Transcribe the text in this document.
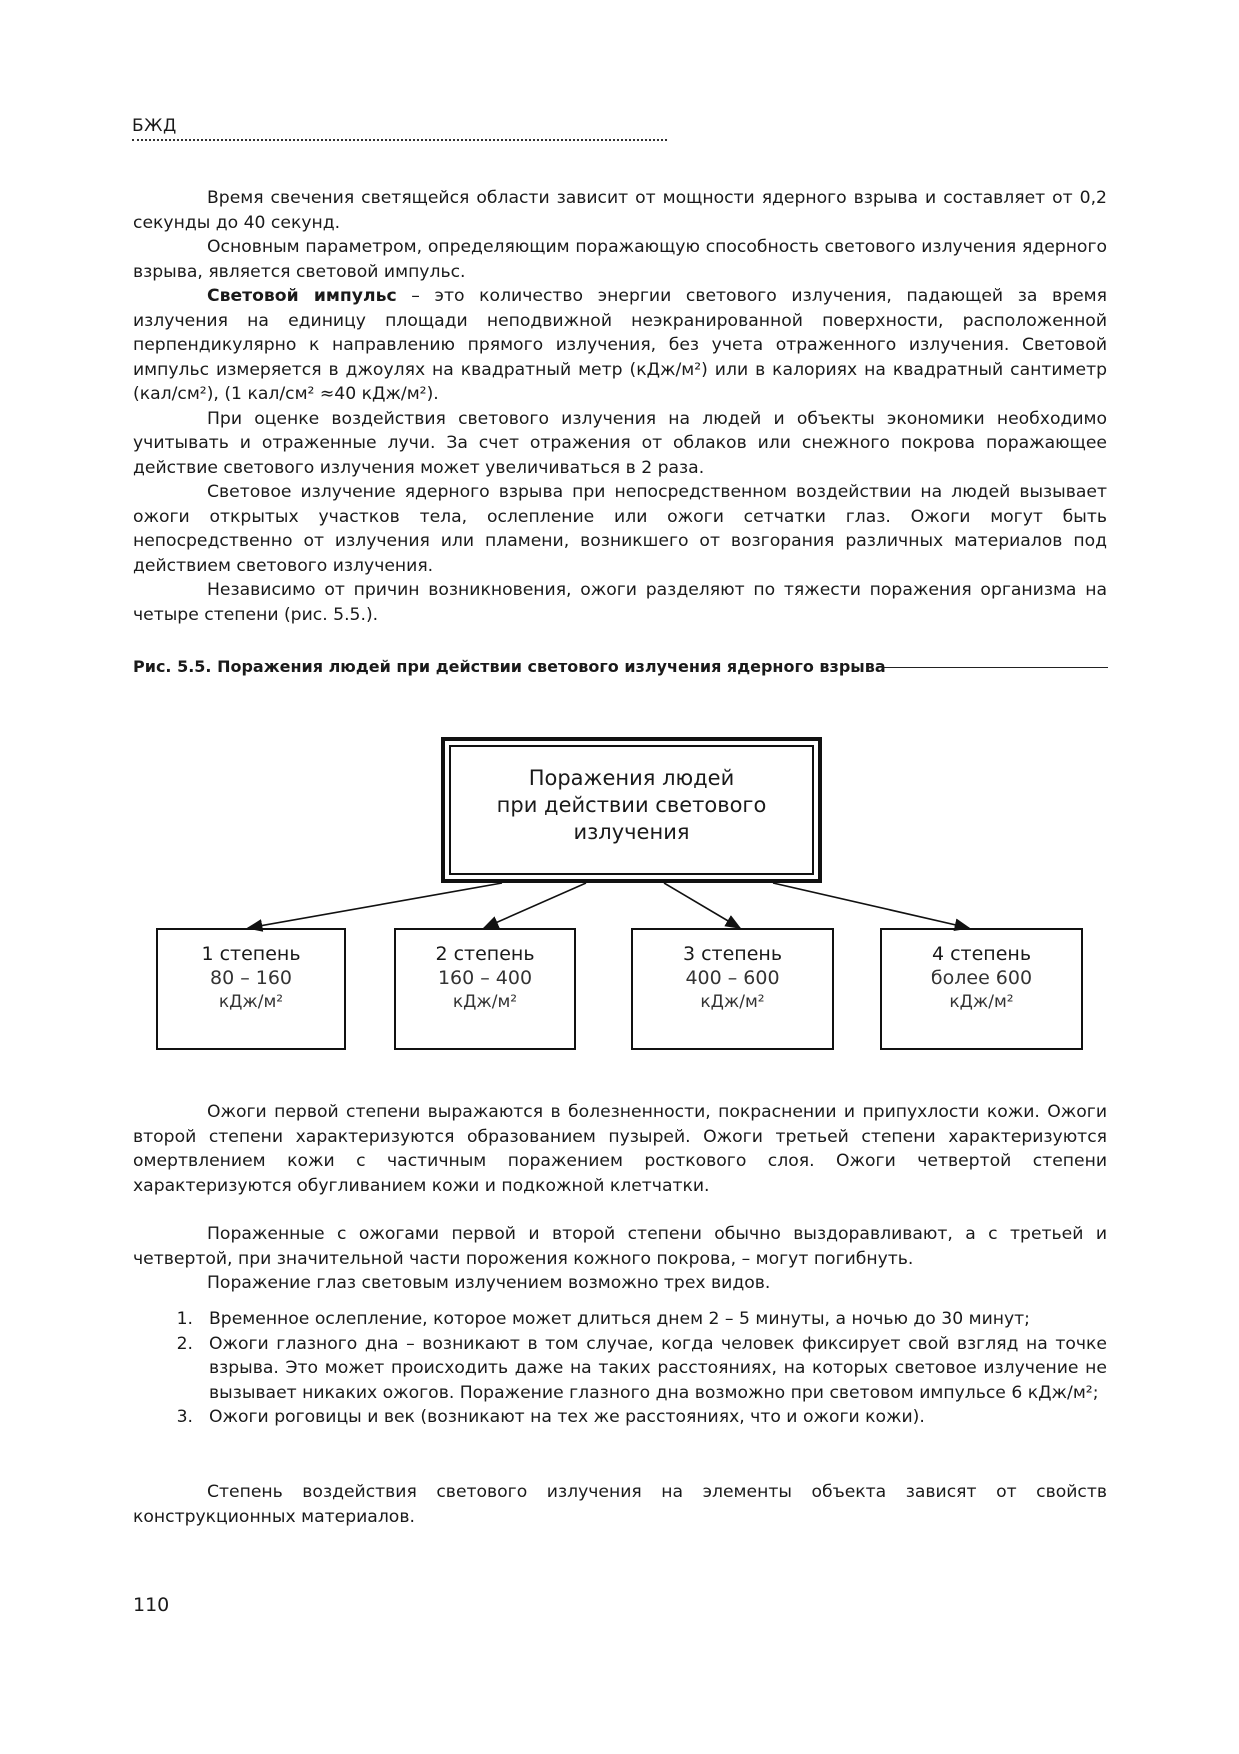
БЖД

Время свечения светящейся области зависит от мощности ядерного взрыва и составляет от 0,2 секунды до 40 секунд.

Основным параметром, определяющим поражающую способность светового излучения ядерного взрыва, является световой импульс.

Световой импульс – это количество энергии светового излучения, падающей за время излучения на единицу площади неподвижной неэкранированной поверхности, расположенной перпендикулярно к направлению прямого излучения, без учета отраженного излучения. Световой импульс измеряется в джоулях на квадратный метр (кДж/м²) или в калориях на квадратный сантиметр (кал/см²), (1 кал/см² ≈40 кДж/м²).

При оценке воздействия светового излучения на людей и объекты экономики необходимо учитывать и отраженные лучи. За счет отражения от облаков или снежного покрова поражающее действие светового излучения может увеличиваться в 2 раза.

Световое излучение ядерного взрыва при непосредственном воздействии на людей вызывает ожоги открытых участков тела, ослепление или ожоги сетчатки глаз. Ожоги могут быть непосредственно от излучения или пламени, возникшего от возгорания различных материалов под действием светового излучения.

Независимо от причин возникновения, ожоги разделяют по тяжести поражения организма на четыре степени (рис. 5.5.).

Рис. 5.5. Поражения людей при действии светового излучения ядерного взрыва
Поражения людей
при действии светового
излучения
1 степень
80 – 160
кДж/м²
2 степень
160 – 400
кДж/м²
3 степень
400 – 600
кДж/м²
4 степень
более 600
кДж/м²

Ожоги первой степени выражаются в болезненности, покраснении и припухлости кожи. Ожоги второй степени характеризуются образованием пузырей. Ожоги третьей степени характеризуются омертвлением кожи с частичным поражением росткового слоя. Ожоги четвертой степени характеризуются обугливанием кожи и подкожной клетчатки.

Пораженные с ожогами первой и второй степени обычно выздоравливают, а с третьей и четвертой, при значительной части порожения кожного покрова, – могут погибнуть.

Поражение глаз световым излучением возможно трех видов.

1. Временное ослепление, которое может длиться днем 2 – 5 минуты, а ночью до 30 минут;
2. Ожоги глазного дна – возникают в том случае, когда человек фиксирует свой взгляд на точке взрыва. Это может происходить даже на таких расстояниях, на которых световое излучение не вызывает никаких ожогов. Поражение глазного дна возможно при световом импульсе 6 кДж/м²;
3. Ожоги роговицы и век (возникают на тех же расстояниях, что и ожоги кожи).

Степень воздействия светового излучения на элементы объекта зависят от свойств конструкционных материалов.

110
